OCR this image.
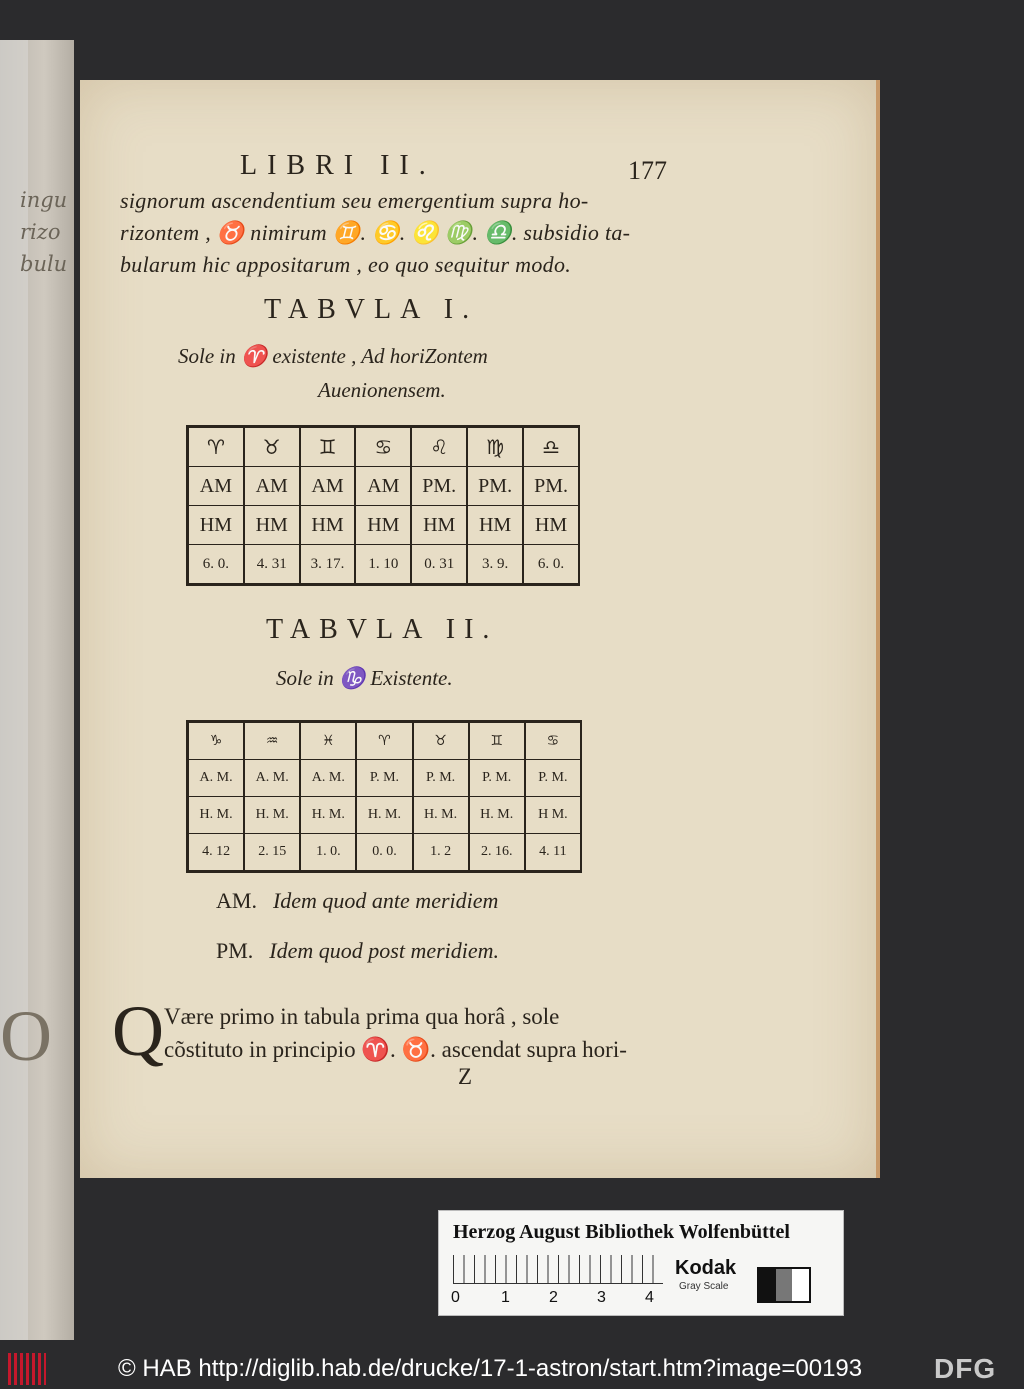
ingu
rizo
bulu
O
LIBRI II.	177
signorum ascendentium seu emergentium supra ho-
rizontem , ♉ nimirum ♊. ♋. ♌ ♍. ♎. subsidio ta-
bularum hic appositarum , eo quo sequitur modo.
TABVLA I.
Sole in ♈ existente , Ad horiZontem
Auenionensem.
♈	♉	♊	♋	♌	♍	♎
AM	AM	AM	AM	PM.	PM.	PM.
HM	HM	HM	HM	HM	HM	HM
6. 0.	4. 31	3. 17.	1. 10	0. 31	3. 9.	6. 0.
TABVLA II.
Sole in ♑ Existente.
♑	♒	♓	♈	♉	♊	♋
A. M.	A. M.	A. M.	P. M.	P. M.	P. M.	P. M.
H. M.	H. M.	H. M.	H. M.	H. M.	H. M.	H M.
4. 12	2. 15	1. 0.	0. 0.	1. 2	2. 16.	4. 11
AM. Idem quod ante meridiem
PM. Idem quod post meridiem.
Q Være primo in tabula prima qua horâ , sole
cõstituto in principio ♈. ♉. ascendat supra hori-
Z
Herzog August Bibliothek Wolfenbüttel
0	1 2 3 4
Kodak
Gray Scale
© HAB http://diglib.hab.de/drucke/17-1-astron/start.htm?image=00193	DFG
